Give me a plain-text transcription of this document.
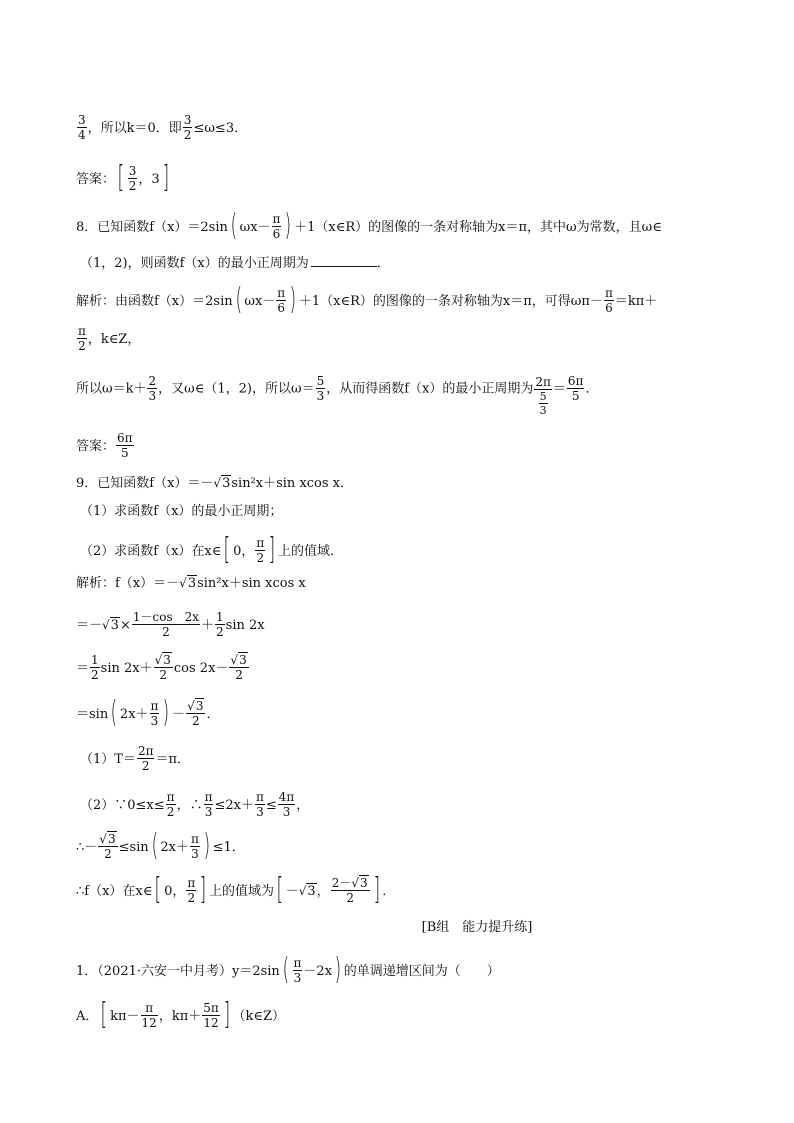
$\frac{3}{4}$ ，所以k＝0．即 $\frac{3}{2} \le\omega\le 3$．
答案：[ $\frac{3}{2}$ ，3]
8．已知函数f（x）＝2sin( $\omega x- \frac{\pi}{6}$ ) ＋1（x∈R）的图像的一条对称轴为x＝π，其中ω为常数，且ω∈
（1，2)，则函数f（x）的最小正周期为	．
解析：由函数f（x）＝2sin( $\omega x- \frac{\pi}{6}$ ) ＋1（x∈R）的图像的一条对称轴为x＝π，可得$\omega\pi- \frac{\pi}{6} =k\pi+$
$\frac{\pi}{2}$ ，k∈Z，
所以$\omega=k+ \frac{2}{3}$ ，又ω∈（1，2)，所以$\omega= \frac{5}{3}$ ，从而得函数f（x）的最小正周期为 $\frac{2\pi}{\frac{5}{3}} = \frac{6\pi}{5}$ ．
答案： $\frac{6\pi}{5}$
9．已知函数f（x）＝－√3sin²x＋sin xcos x．
（1）求函数f（x）的最小正周期；
（2）求函数f（x）在x∈[ 0， $\frac{\pi}{2}$ ] 上的值域．
解析：f（x）＝－√3sin²x＋sin xcos x
$=-√3\times \frac{1-\cos 2x}{2} + \frac{1}{2}$ sin 2x
＝ $\frac{1}{2}$ $\sin 2x+ \frac{√3}{2}$ $\cos 2x- \frac{√3}{2}$
＝sin( $2x+ \frac{\pi}{3}$ ) － $\frac{√3}{2}$ ．
$(1)T= \frac{2\pi}{2} =\pi$．
（2）∵0≤x≤ $\frac{\pi}{2}$ ，∴ $\frac{\pi}{3} \le 2x+ \frac{\pi}{3} \le \frac{4\pi}{3}$ ，
∴－ $\frac{√3}{2} \le\sin$( $2x+ \frac{\pi}{3}$ ) ≤1．
∴f（x）在x∈[ 0， $\frac{\pi}{2}$ ] 上的值域为[ －√3， $\frac{2-√3}{2}$ ] ．
[B组　能力提升练]
1．（2021·六安一中月考）$y=2\sin( \frac{\pi}{3} -2x)$ 的单调递增区间为（　　）
A．[ $k\pi- \frac{\pi}{12}$ ，$k\pi+ \frac{5\pi}{12}$ ] （k∈Z）
